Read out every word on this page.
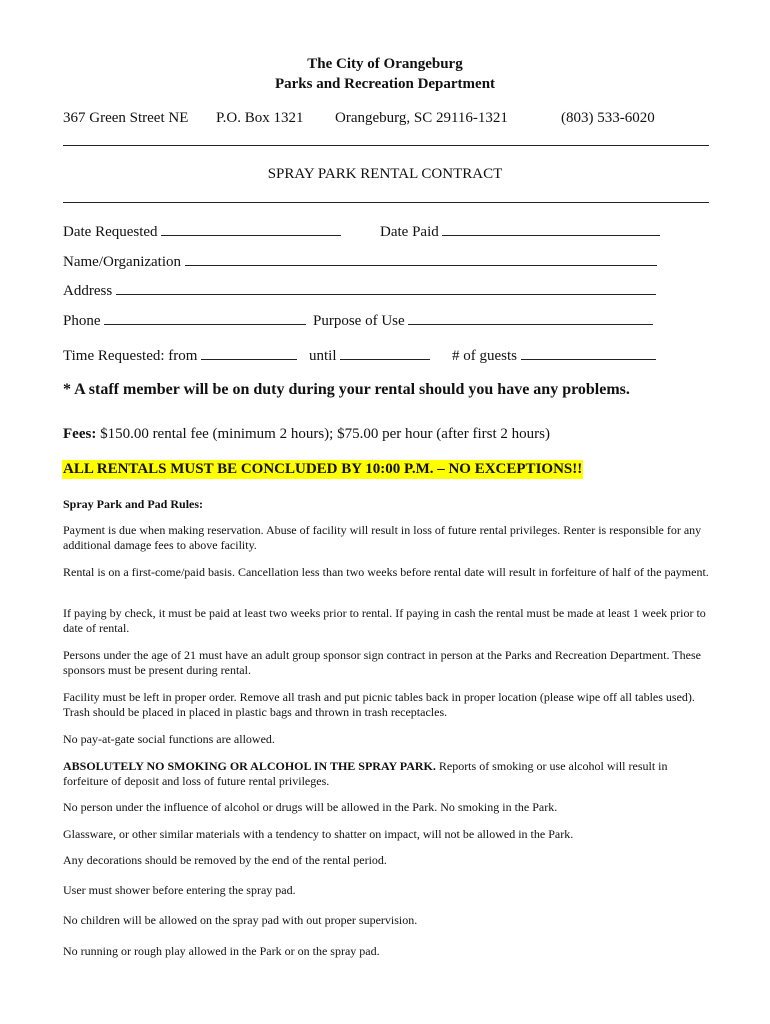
The City of Orangeburg
Parks and Recreation Department
367 Green Street NE P.O. Box 1321 Orangeburg, SC 29116-1321	(803) 533-6020
SPRAY PARK RENTAL CONTRACT
Date Requested	Date Paid
Name/Organization
Address
Phone	Purpose of Use
Time Requested: from	until	# of guests
* A staff member will be on duty during your rental should you have any problems.
Fees: $150.00 rental fee (minimum 2 hours); $75.00 per hour (after first 2 hours)
ALL RENTALS MUST BE CONCLUDED BY 10:00 P.M. – NO EXCEPTIONS!!
Spray Park and Pad Rules:
Payment is due when making reservation. Abuse of facility will result in loss of future rental privileges. Renter is responsible for any additional damage fees to above facility.
Rental is on a first-come/paid basis. Cancellation less than two weeks before rental date will result in forfeiture of half of the payment.
If paying by check, it must be paid at least two weeks prior to rental. If paying in cash the rental must be made at least 1 week prior to date of rental.
Persons under the age of 21 must have an adult group sponsor sign contract in person at the Parks and Recreation Department. These sponsors must be present during rental.
Facility must be left in proper order. Remove all trash and put picnic tables back in proper location (please wipe off all tables used). Trash should be placed in placed in plastic bags and thrown in trash receptacles.
No pay-at-gate social functions are allowed.
ABSOLUTELY NO SMOKING OR ALCOHOL IN THE SPRAY PARK. Reports of smoking or use alcohol will result in forfeiture of deposit and loss of future rental privileges.
No person under the influence of alcohol or drugs will be allowed in the Park. No smoking in the Park.
Glassware, or other similar materials with a tendency to shatter on impact, will not be allowed in the Park.
Any decorations should be removed by the end of the rental period.
User must shower before entering the spray pad.
No children will be allowed on the spray pad with out proper supervision.
No running or rough play allowed in the Park or on the spray pad.
